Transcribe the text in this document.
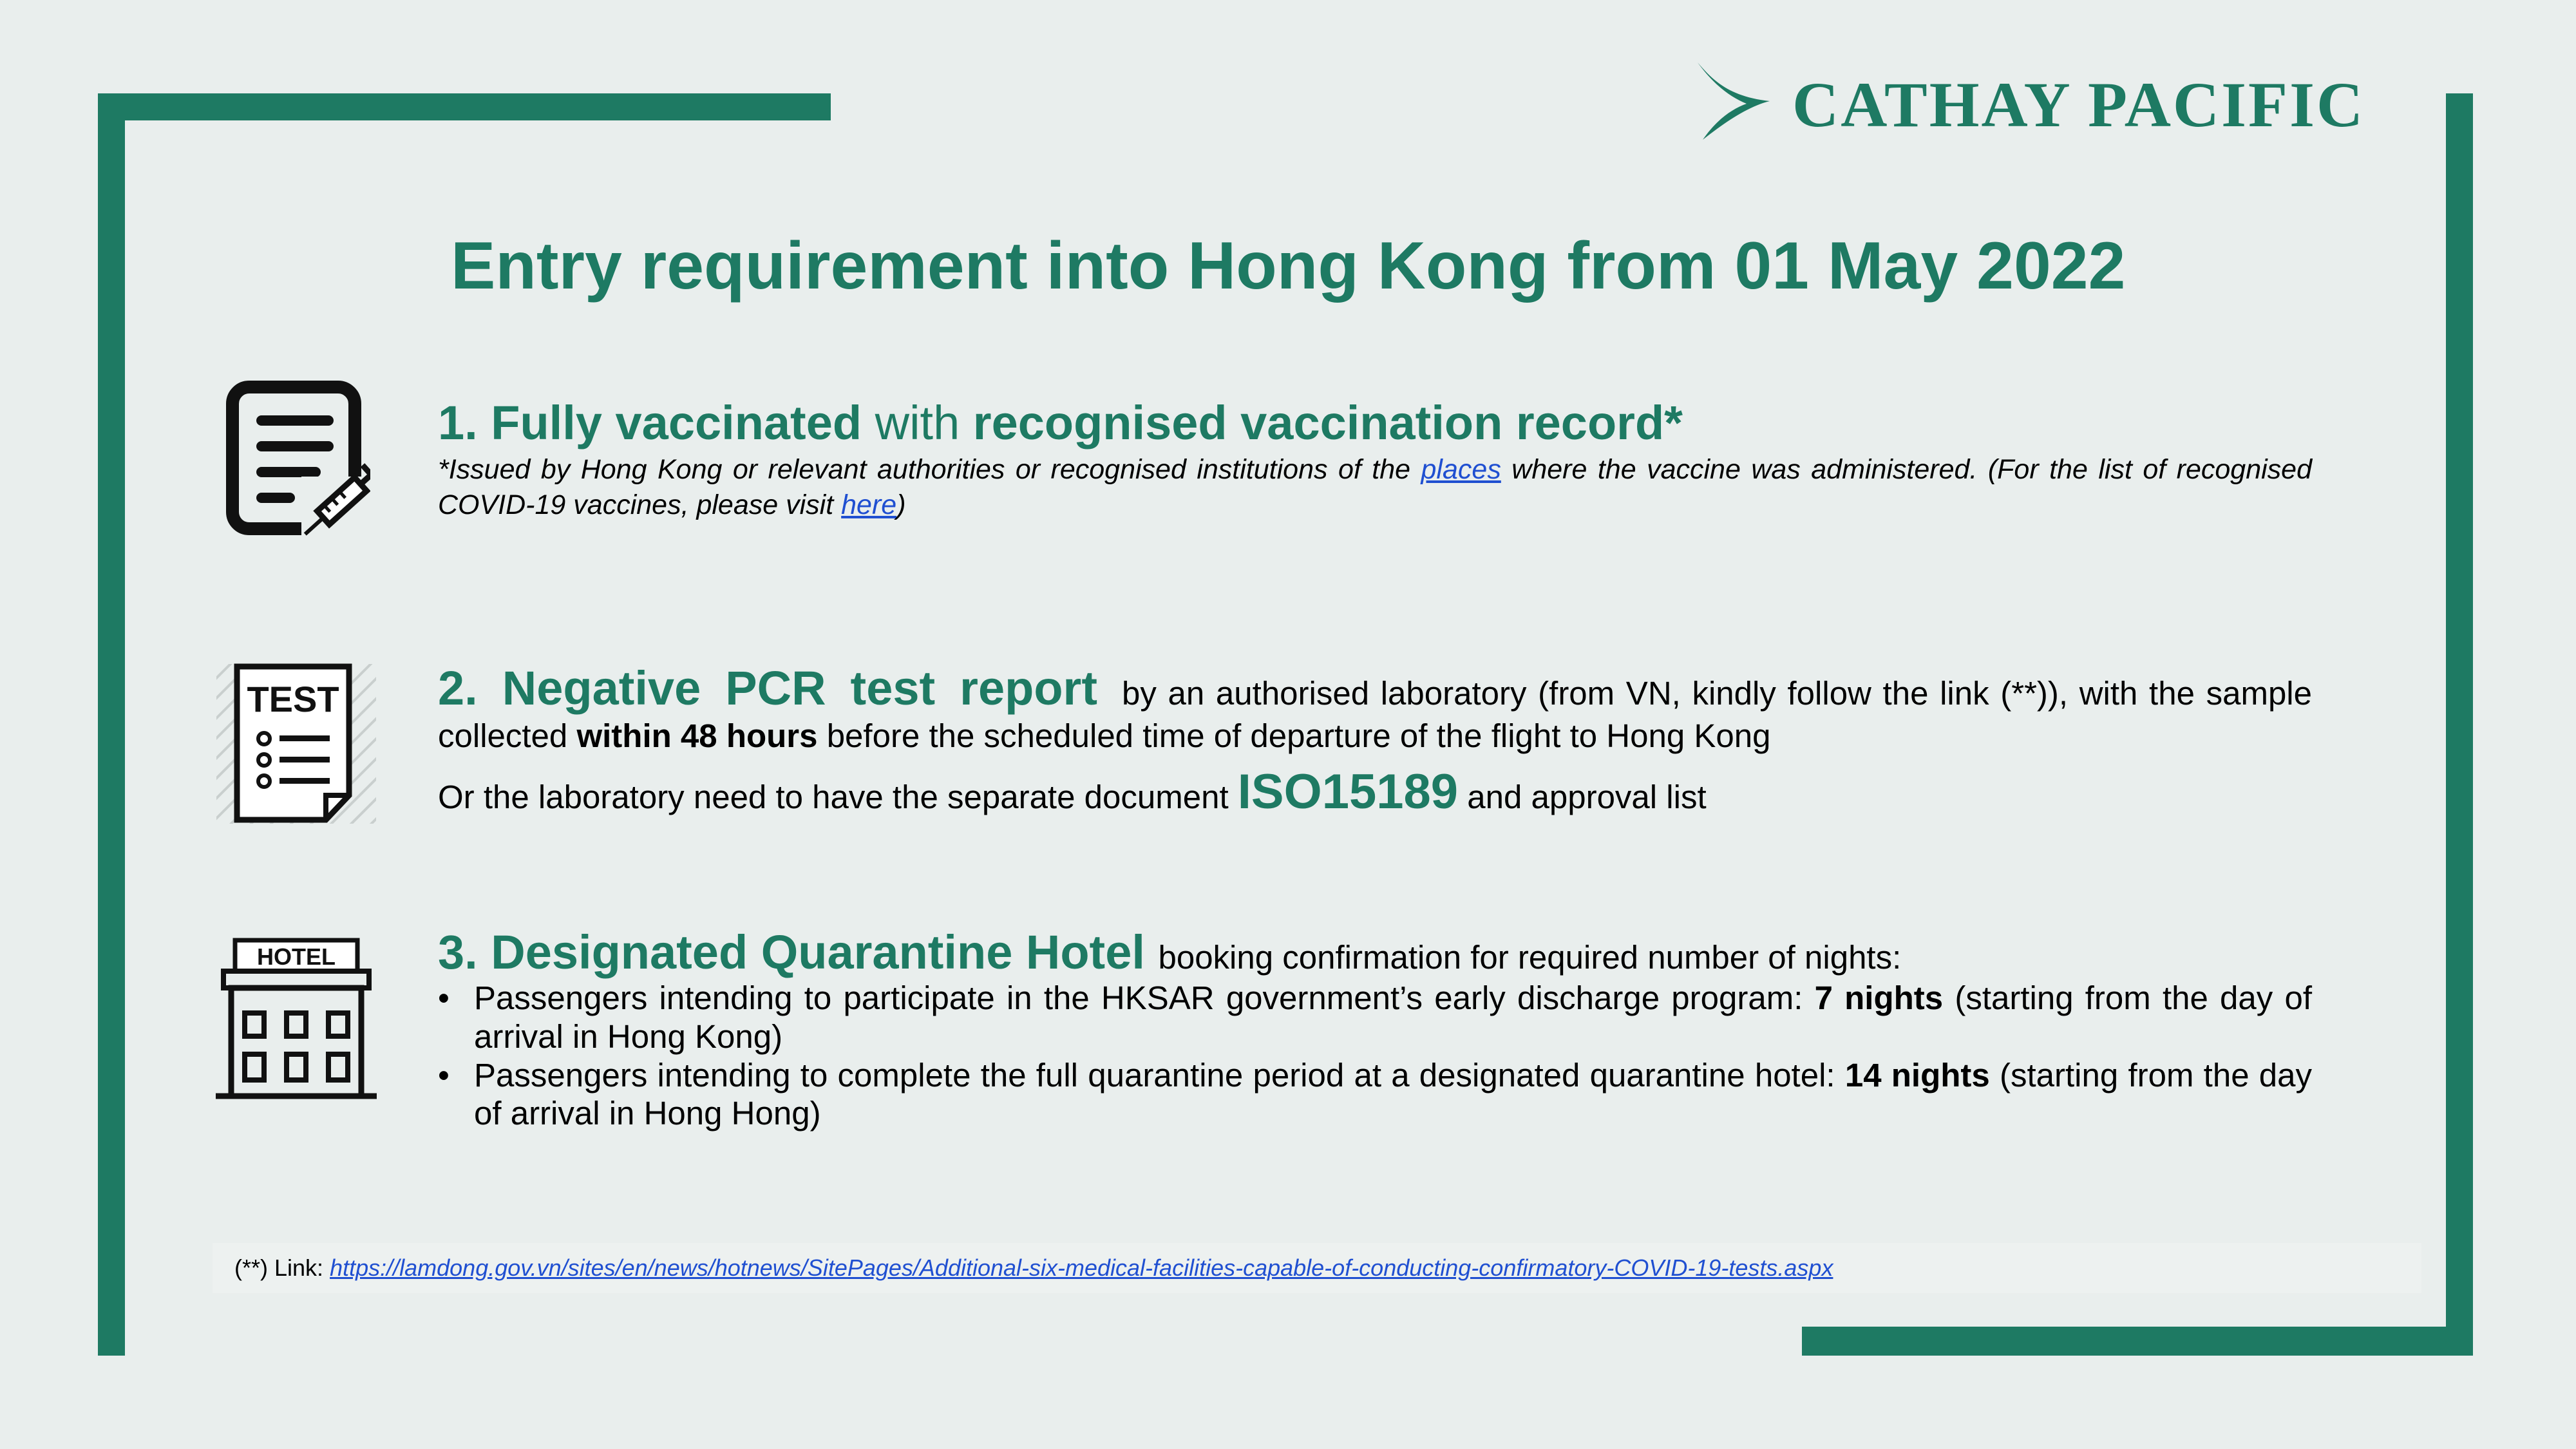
CATHAY PACIFIC
Entry requirement into Hong Kong from 01 May 2022
1. Fully vaccinated with recognised vaccination record*
*Issued by Hong Kong or relevant authorities or recognised institutions of the places where the vaccine was administered. (For the list of recognised COVID-19 vaccines, please visit here)
TEST 2. Negative PCR test report by an authorised laboratory (from VN, kindly follow the link (**)), with the sample collected within 48 hours before the scheduled time of departure of the flight to Hong Kong
Or the laboratory need to have the separate document ISO15189 and approval list
HOTEL 3. Designated Quarantine Hotel booking confirmation for required number of nights:
• Passengers intending to participate in the HKSAR government’s early discharge program: 7 nights (starting from the day of arrival in Hong Kong)
• Passengers intending to complete the full quarantine period at a designated quarantine hotel: 14 nights (starting from the day of arrival in Hong Hong)
(**) Link: https://lamdong.gov.vn/sites/en/news/hotnews/SitePages/Additional-six-medical-facilities-capable-of-conducting-confirmatory-COVID-19-tests.aspx
